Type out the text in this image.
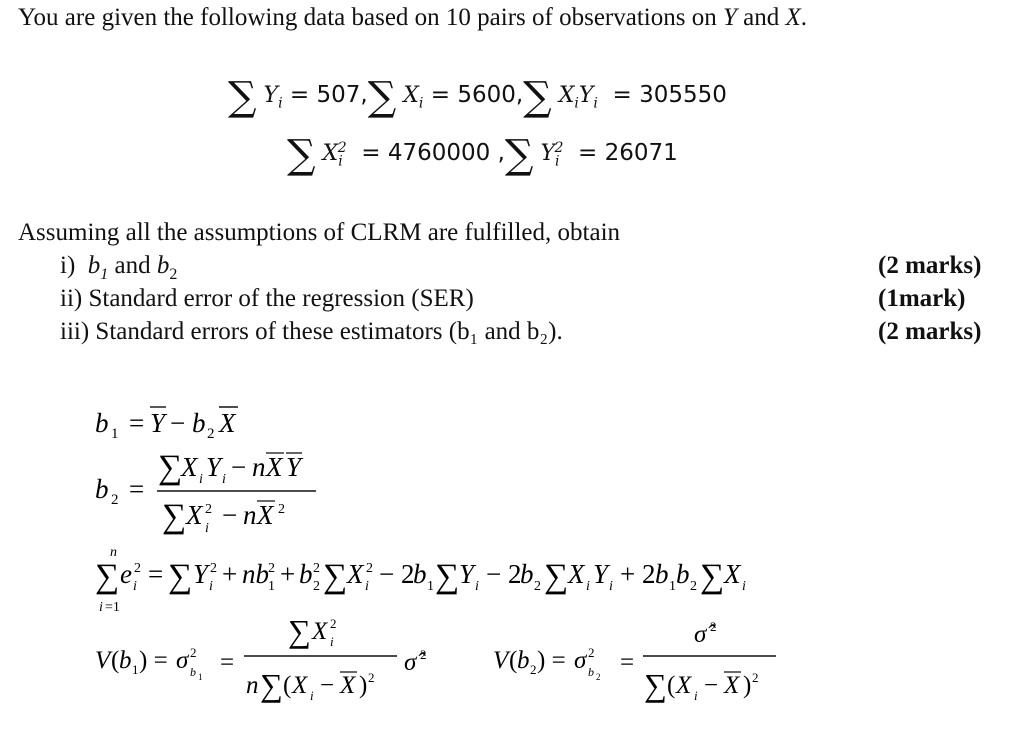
You are given the following data based on 10 pairs of observations on Y and X.
∑ $Y_i = 507,\sum$ $X_i = 5600,\sum$ $X_iY_i = 305550$
∑ $X_i^2 = 4760000$ ,∑ $Y_i^2 = 26071$
Assuming all the assumptions of CLRM are fulfilled, obtain
i) $b_1$ and $b_2$	(2 marks)
ii) Standard error of the regression (SER)	(1mark)
iii) Standard errors of these estimators (b₁ and b₂).	(2 marks)
b 1 = Y − b 2 X
b 2 =
∑
X i Y i − n X Y
∑ X 2
i − n X 2
n
∑
i =1
e 2
i = ∑ Y 2
i + nb 2
1 + b 2
2 ∑ X 2
i − 2
b 1 ∑ Y i − 2
b 2 ∑ X i Y i + 2 b 1 b 2 ∑ X i
V ( b 1 ) = σ 2
b 1
=
∑ X 2
i
n ∑ ( X i − X ) 2
σ̂ 2	V ( b 2 ) = σ 2
b 2
=
σ̂ 2
∑ ( X i − X ) 2
